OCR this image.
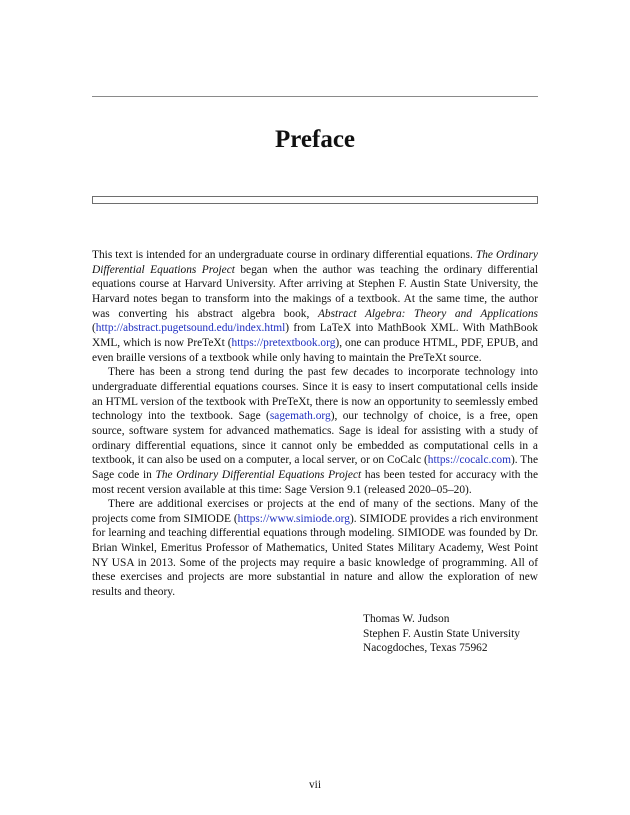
Preface

This text is intended for an undergraduate course in ordinary differential equations. The Ordinary Differential Equations Project began when the author was teaching the ordinary differential equations course at Harvard University. After arriving at Stephen F. Austin State University, the Harvard notes began to transform into the makings of a textbook. At the same time, the author was converting his abstract algebra book, Abstract Algebra: Theory and Applications (http://abstract.pugetsound.edu/index.html) from LaTeX into MathBook XML. With MathBook XML, which is now PreTeXt (https://pretextbook.org), one can produce HTML, PDF, EPUB, and even braille versions of a textbook while only having to maintain the PreTeXt source.

There has been a strong tend during the past few decades to incorporate technology into undergraduate differential equations courses. Since it is easy to insert computational cells inside an HTML version of the textbook with PreTeXt, there is now an opportunity to seemlessly embed technology into the textbook. Sage (sagemath.org), our technolgy of choice, is a free, open source, software system for advanced mathematics. Sage is ideal for assisting with a study of ordinary differential equations, since it cannot only be embedded as computational cells in a textbook, it can also be used on a computer, a local server, or on CoCalc (https://cocalc.com). The Sage code in The Ordinary Differential Equations Project has been tested for accuracy with the most recent version available at this time: Sage Version 9.1 (released 2020–05–20).

There are additional exercises or projects at the end of many of the sections. Many of the projects come from SIMIODE (https://www.simiode.org). SIMIODE provides a rich environment for learning and teaching differential equations through modeling. SIMIODE was founded by Dr. Brian Winkel, Emeritus Professor of Mathematics, United States Military Academy, West Point NY USA in 2013. Some of the projects may require a basic knowledge of programming. All of these exercises and projects are more substantial in nature and allow the exploration of new results and theory.

Thomas W. Judson
Stephen F. Austin State University
Nacogdoches, Texas 75962
vii
